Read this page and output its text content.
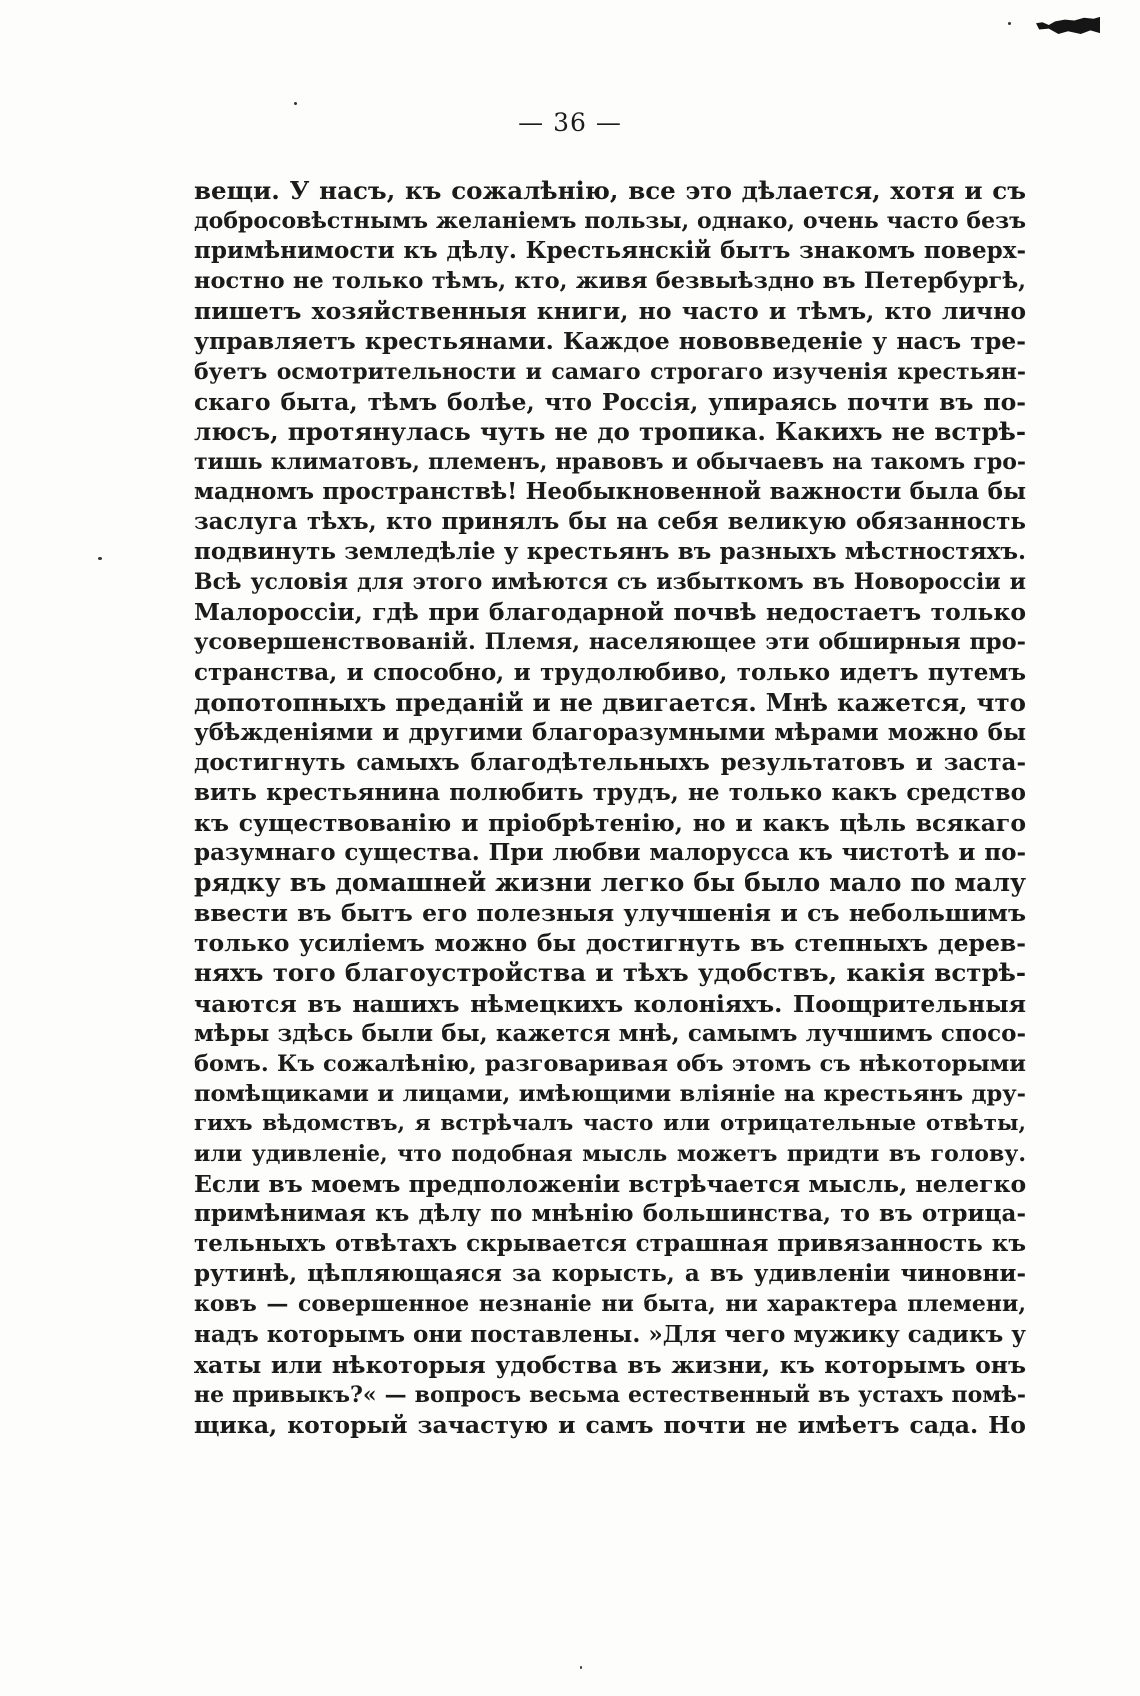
— 36 —
вещи. У насъ, къ сожалѣнію, все это дѣлается, хотя и съ
добросовѣстнымъ желаніемъ пользы, однако, очень часто безъ
примѣнимости къ дѣлу. Крестьянскій бытъ знакомъ поверх-
ностно не только тѣмъ, кто, живя безвыѣздно въ Петербургѣ,
пишетъ хозяйственныя книги, но часто и тѣмъ, кто лично
управляетъ крестьянами. Каждое нововведеніе у насъ тре-
буетъ осмотрительности и самаго строгаго изученія крестьян-
скаго быта, тѣмъ болѣе, что Россія, упираясь почти въ по-
люсъ, протянулась чуть не до тропика. Какихъ не встрѣ-
тишь климатовъ, племенъ, нравовъ и обычаевъ на такомъ гро-
мадномъ пространствѣ! Необыкновенной важности была бы
заслуга тѣхъ, кто принялъ бы на себя великую обязанность
подвинуть земледѣліе у крестьянъ въ разныхъ мѣстностяхъ.
Всѣ условія для этого имѣются съ избыткомъ въ Новороссіи и
Малороссіи, гдѣ при благодарной почвѣ недостаетъ только
усовершенствованій. Племя, населяющее эти обширныя про-
странства, и способно, и трудолюбиво, только идетъ путемъ
допотопныхъ преданій и не двигается. Мнѣ кажется, что
убѣжденіями и другими благоразумными мѣрами можно бы
достигнуть самыхъ благодѣтельныхъ результатовъ и заста-
вить крестьянина полюбить трудъ, не только какъ средство
къ существованію и пріобрѣтенію, но и какъ цѣль всякаго
разумнаго существа. При любви малорусса къ чистотѣ и по-
рядку въ домашней жизни легко бы было мало по малу
ввести въ бытъ его полезныя улучшенія и съ небольшимъ
только усиліемъ можно бы достигнуть въ степныхъ дерев-
няхъ того благоустройства и тѣхъ удобствъ, какія встрѣ-
чаются въ нашихъ нѣмецкихъ колоніяхъ. Поощрительныя
мѣры здѣсь были бы, кажется мнѣ, самымъ лучшимъ спосо-
бомъ. Къ сожалѣнію, разговаривая объ этомъ съ нѣкоторыми
помѣщиками и лицами, имѣющими вліяніе на крестьянъ дру-
гихъ вѣдомствъ, я встрѣчалъ часто или отрицательные отвѣты,
или удивленіе, что подобная мысль можетъ придти въ голову.
Если въ моемъ предположеніи встрѣчается мысль, нелегко
примѣнимая къ дѣлу по мнѣнію большинства, то въ отрица-
тельныхъ отвѣтахъ скрывается страшная привязанность къ
рутинѣ, цѣпляющаяся за корысть, а въ удивленіи чиновни-
ковъ — совершенное незнаніе ни быта, ни характера племени,
надъ которымъ они поставлены. »Для чего мужику садикъ у
хаты или нѣкоторыя удобства въ жизни, къ которымъ онъ
не привыкъ?« — вопросъ весьма естественный въ устахъ помѣ-
щика, который зачастую и самъ почти не имѣетъ сада. Но
